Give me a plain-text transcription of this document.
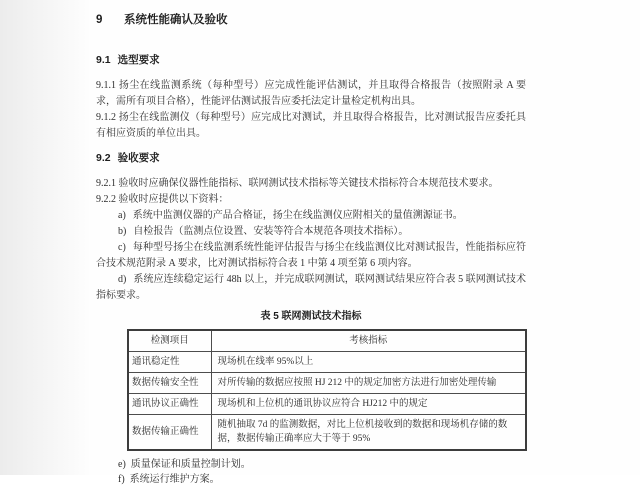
9 系统性能确认及验收
9.1 选型要求

9.1.1 扬尘在线监测系统（每种型号）应完成性能评估测试，并且取得合格报告（按照附录 A 要求，需所有项目合格），性能评估测试报告应委托法定计量检定机构出具。

9.1.2 扬尘在线监测仪（每种型号）应完成比对测试，并且取得合格报告，比对测试报告应委托具有相应资质的单位出具。

9.2 验收要求

9.2.1 验收时应确保仪器性能指标、联网测试技术指标等关键技术指标符合本规范技术要求。

9.2.2 验收时应提供以下资料：

a) 系统中监测仪器的产品合格证，扬尘在线监测仪应附相关的量值溯源证书。

b) 自检报告（监测点位设置、安装等符合本规范各项技术指标）。

c) 每种型号扬尘在线监测系统性能评估报告与扬尘在线监测仪比对测试报告，性能指标应符合技术规范附录 A 要求，比对测试指标符合表 1 中第 4 项至第 6 项内容。

d) 系统应连续稳定运行 48h 以上，并完成联网测试，联网测试结果应符合表 5 联网测试技术指标要求。

表 5 联网测试技术指标
检测项目	考核指标
通讯稳定性	现场机在线率 95%以上
数据传输安全性	对所传输的数据应按照 HJ 212 中的规定加密方法进行加密处理传输
通讯协议正确性	现场机和上位机的通讯协议应符合 HJ212 中的规定
数据传输正确性	随机抽取 7d 的监测数据，对比上位机接收到的数据和现场机存储的数据，数据传输正确率应大于等于 95%

e) 质量保证和质量控制计划。

f) 系统运行维护方案。
